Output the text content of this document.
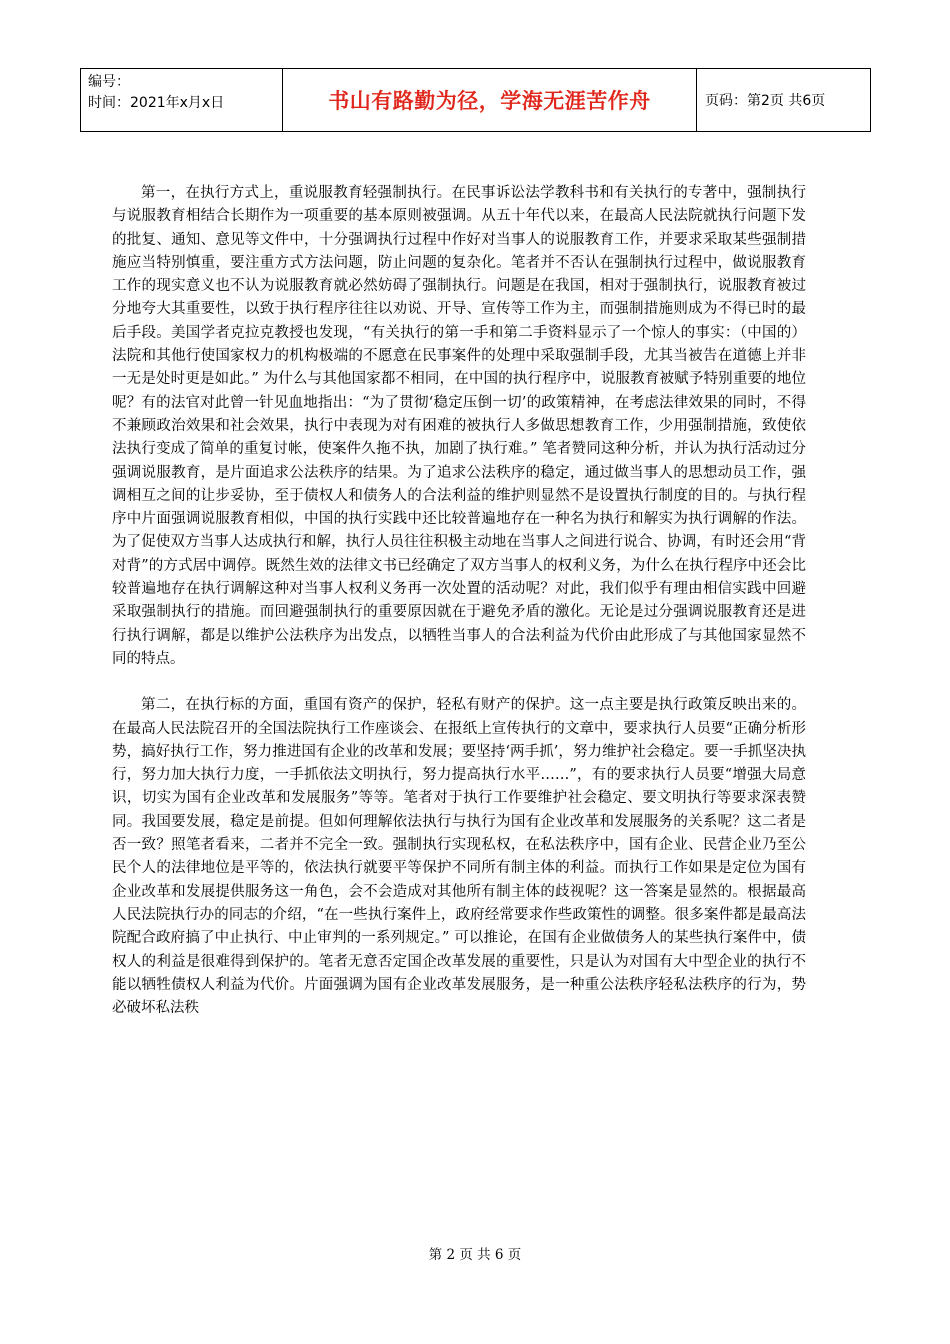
编号：
时间：2021年x月x日	书山有路勤为径，学海无涯苦作舟	页码：第2页 共6页

第一，在执行方式上，重说服教育轻强制执行。在民事诉讼法学教科书和有关执行的专著中，强制执行与说服教育相结合长期作为一项重要的基本原则被强调。从五十年代以来，在最高人民法院就执行问题下发的批复、通知、意见等文件中，十分强调执行过程中作好对当事人的说服教育工作，并要求采取某些强制措施应当特别慎重，要注重方式方法问题，防止问题的复杂化。笔者并不否认在强制执行过程中，做说服教育工作的现实意义也不认为说服教育就必然妨碍了强制执行。问题是在我国，相对于强制执行，说服教育被过分地夸大其重要性，以致于执行程序往往以劝说、开导、宣传等工作为主，而强制措施则成为不得已时的最后手段。美国学者克拉克教授也发现，“有关执行的第一手和第二手资料显示了一个惊人的事实：（中国的）法院和其他行使国家权力的机构极端的不愿意在民事案件的处理中采取强制手段，尤其当被告在道德上并非一无是处时更是如此。” 为什么与其他国家都不相同，在中国的执行程序中，说服教育被赋予特别重要的地位呢？有的法官对此曾一针见血地指出：“为了贯彻‘稳定压倒一切’的政策精神，在考虑法律效果的同时，不得不兼顾政治效果和社会效果，执行中表现为对有困难的被执行人多做思想教育工作，少用强制措施，致使依法执行变成了简单的重复讨帐，使案件久拖不执，加剧了执行难。” 笔者赞同这种分析，并认为执行活动过分强调说服教育，是片面追求公法秩序的结果。为了追求公法秩序的稳定，通过做当事人的思想动员工作，强调相互之间的让步妥协，至于债权人和债务人的合法利益的维护则显然不是设置执行制度的目的。与执行程序中片面强调说服教育相似，中国的执行实践中还比较普遍地存在一种名为执行和解实为执行调解的作法。为了促使双方当事人达成执行和解，执行人员往往积极主动地在当事人之间进行说合、协调，有时还会用“背对背”的方式居中调停。既然生效的法律文书已经确定了双方当事人的权利义务，为什么在执行程序中还会比较普遍地存在执行调解这种对当事人权利义务再一次处置的活动呢？对此，我们似乎有理由相信实践中回避采取强制执行的措施。而回避强制执行的重要原因就在于避免矛盾的激化。无论是过分强调说服教育还是进行执行调解，都是以维护公法秩序为出发点，以牺牲当事人的合法利益为代价由此形成了与其他国家显然不同的特点。

第二，在执行标的方面，重国有资产的保护，轻私有财产的保护。这一点主要是执行政策反映出来的。在最高人民法院召开的全国法院执行工作座谈会、在报纸上宣传执行的文章中，要求执行人员要“正确分析形势，搞好执行工作，努力推进国有企业的改革和发展；要坚持‘两手抓’，努力维护社会稳定。要一手抓坚决执行，努力加大执行力度，一手抓依法文明执行，努力提高执行水平……”，有的要求执行人员要“增强大局意识，切实为国有企业改革和发展服务”等等。笔者对于执行工作要维护社会稳定、要文明执行等要求深表赞同。我国要发展，稳定是前提。但如何理解依法执行与执行为国有企业改革和发展服务的关系呢？这二者是否一致？照笔者看来，二者并不完全一致。强制执行实现私权，在私法秩序中，国有企业、民营企业乃至公民个人的法律地位是平等的，依法执行就要平等保护不同所有制主体的利益。而执行工作如果是定位为国有企业改革和发展提供服务这一角色，会不会造成对其他所有制主体的歧视呢？这一答案是显然的。根据最高人民法院执行办的同志的介绍，“在一些执行案件上，政府经常要求作些政策性的调整。很多案件都是最高法院配合政府搞了中止执行、中止审判的一系列规定。” 可以推论，在国有企业做债务人的某些执行案件中，债权人的利益是很难得到保护的。笔者无意否定国企改革发展的重要性，只是认为对国有大中型企业的执行不能以牺牲债权人利益为代价。片面强调为国有企业改革发展服务，是一种重公法秩序轻私法秩序的行为，势必破坏私法秩

第 2 页 共 6 页
